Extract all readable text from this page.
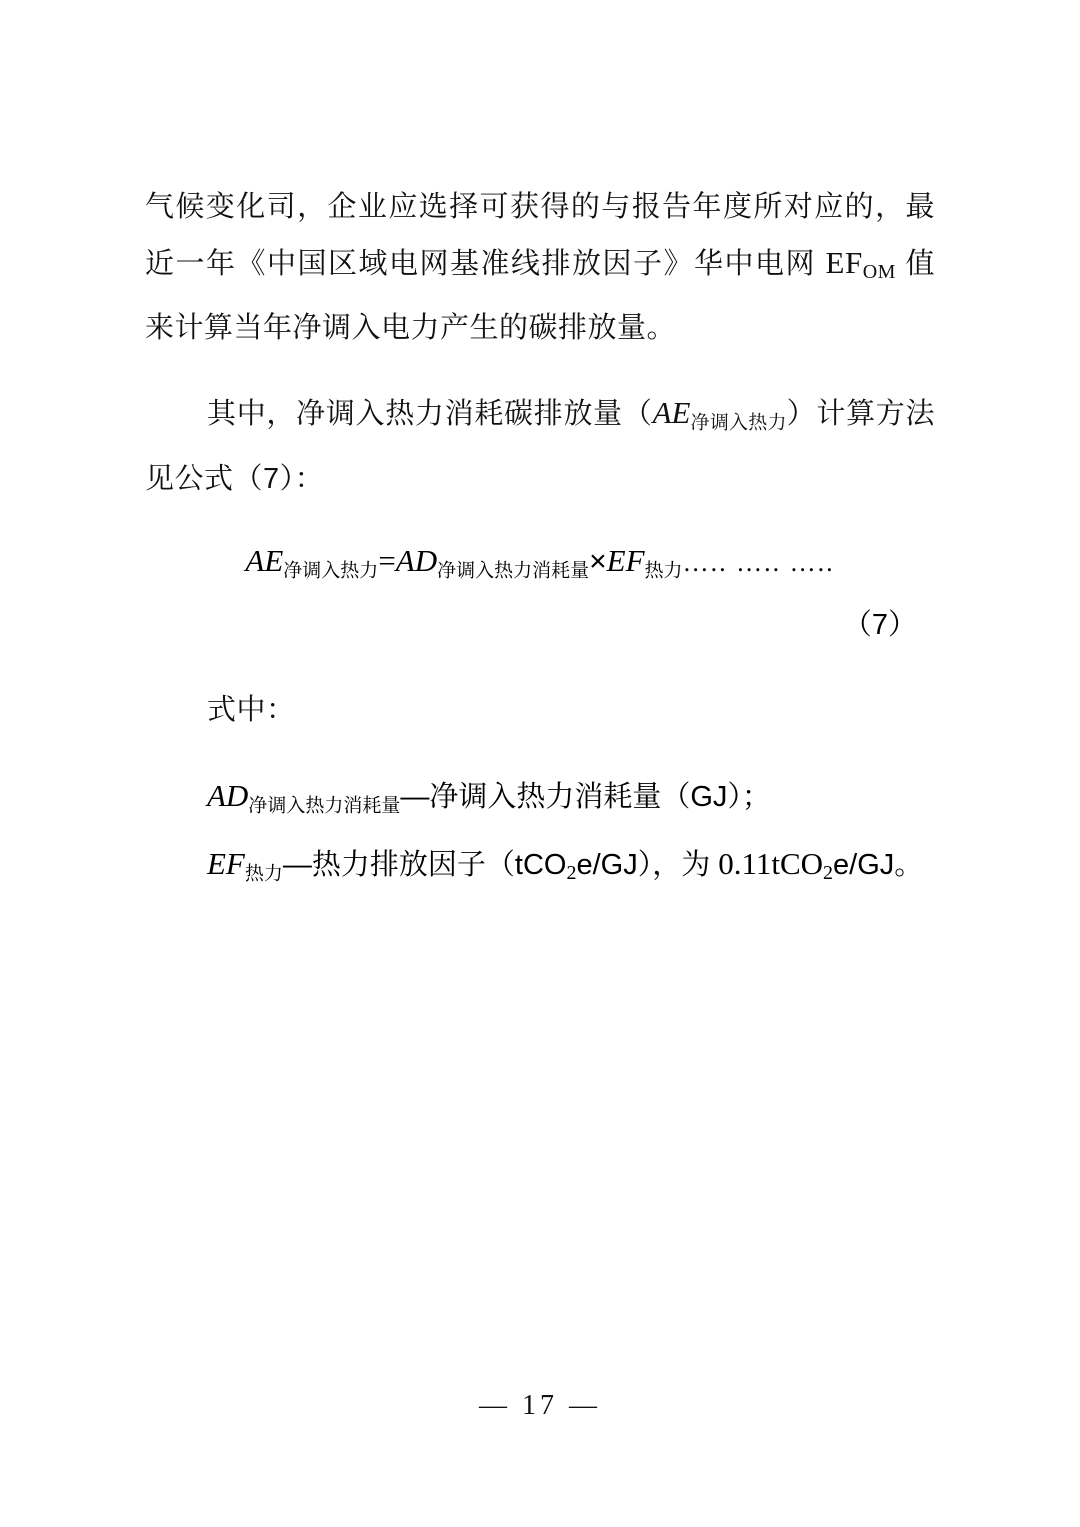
气候变化司，企业应选择可获得的与报告年度所对应的，最近一年《中国区域电网基准线排放因子》华中电网 EFOM 值来计算当年净调入电力产生的碳排放量。

其中，净调入热力消耗碳排放量$(AE_{净调入热力})$计算方法见公式（7）：

$AE_{净调入热力}=AD_{净调入热力消耗量}\times EF_{热力}\dots$.. ….. …..
（7）

式中：

$AD_{净调入热力消耗量}—$净调入热力消耗量（GJ）；
$EF_{热力}—$热力排放因子（tCO2e/GJ），为 0.11tCO2e/GJ。
— 17 —
